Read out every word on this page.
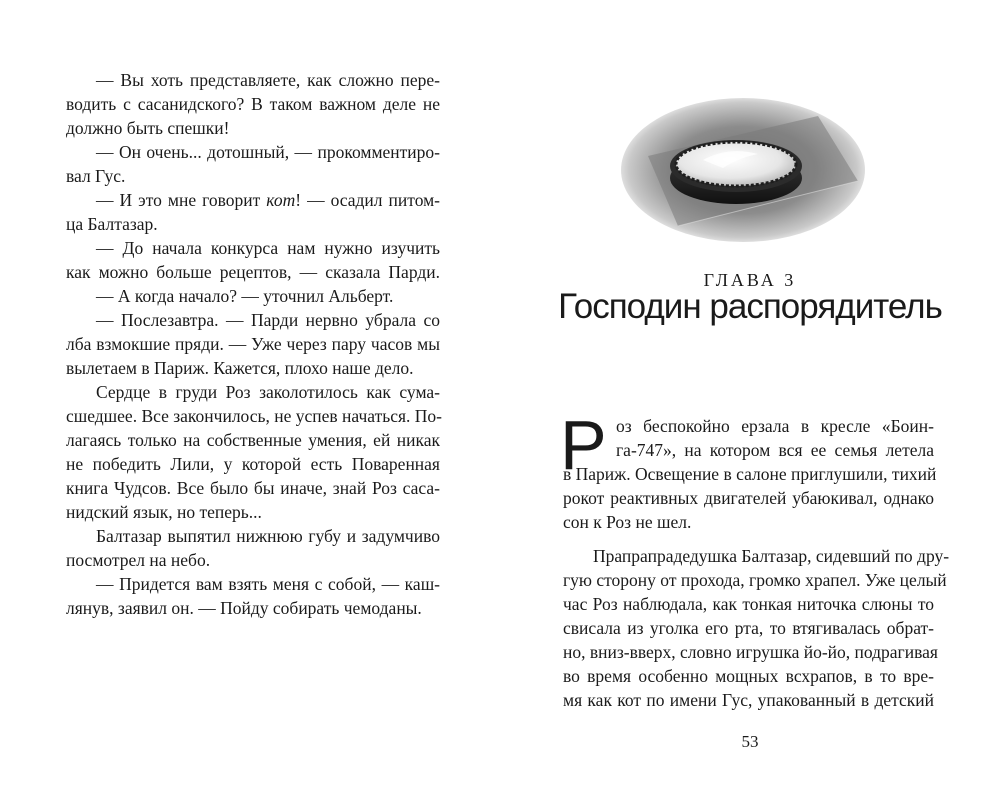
— Вы хоть представляете, как сложно пере-
водить с сасанидского? В таком важном деле не
должно быть спешки!
— Он очень... дотошный, — прокомментиро-
вал Гус.
— И это мне говорит кот! — осадил питом-
ца Балтазар.
— До начала конкурса нам нужно изучить
как можно больше рецептов, — сказала Парди.
— А когда начало? — уточнил Альберт.
— Послезавтра. — Парди нервно убрала со
лба взмокшие пряди. — Уже через пару часов мы
вылетаем в Париж. Кажется, плохо наше дело.
Сердце в груди Роз заколотилось как сума-
сшедшее. Все закончилось, не успев начаться. По-
лагаясь только на собственные умения, ей никак
не победить Лили, у которой есть Поваренная
книга Чудсов. Все было бы иначе, знай Роз саса-
нидский язык, но теперь...
Балтазар выпятил нижнюю губу и задумчиво
посмотрел на небо.
— Придется вам взять меня с собой, — каш-
лянув, заявил он. — Пойду собирать чемоданы.
ГЛАВА 3
Господин распорядитель
Р оз беспокойно ерзала в кресле «Боин-
га-747», на котором вся ее семья летела
в Париж. Освещение в салоне приглушили, тихий
рокот реактивных двигателей убаюкивал, однако
сон к Роз не шел.
Прапрапрадедушка Балтазар, сидевший по дру-
гую сторону от прохода, громко храпел. Уже целый
час Роз наблюдала, как тонкая ниточка слюны то
свисала из уголка его рта, то втягивалась обрат-
но, вниз-вверх, словно игрушка йо-йо, подрагивая
во время особенно мощных всхрапов, в то вре-
мя как кот по имени Гус, упакованный в детский
53
